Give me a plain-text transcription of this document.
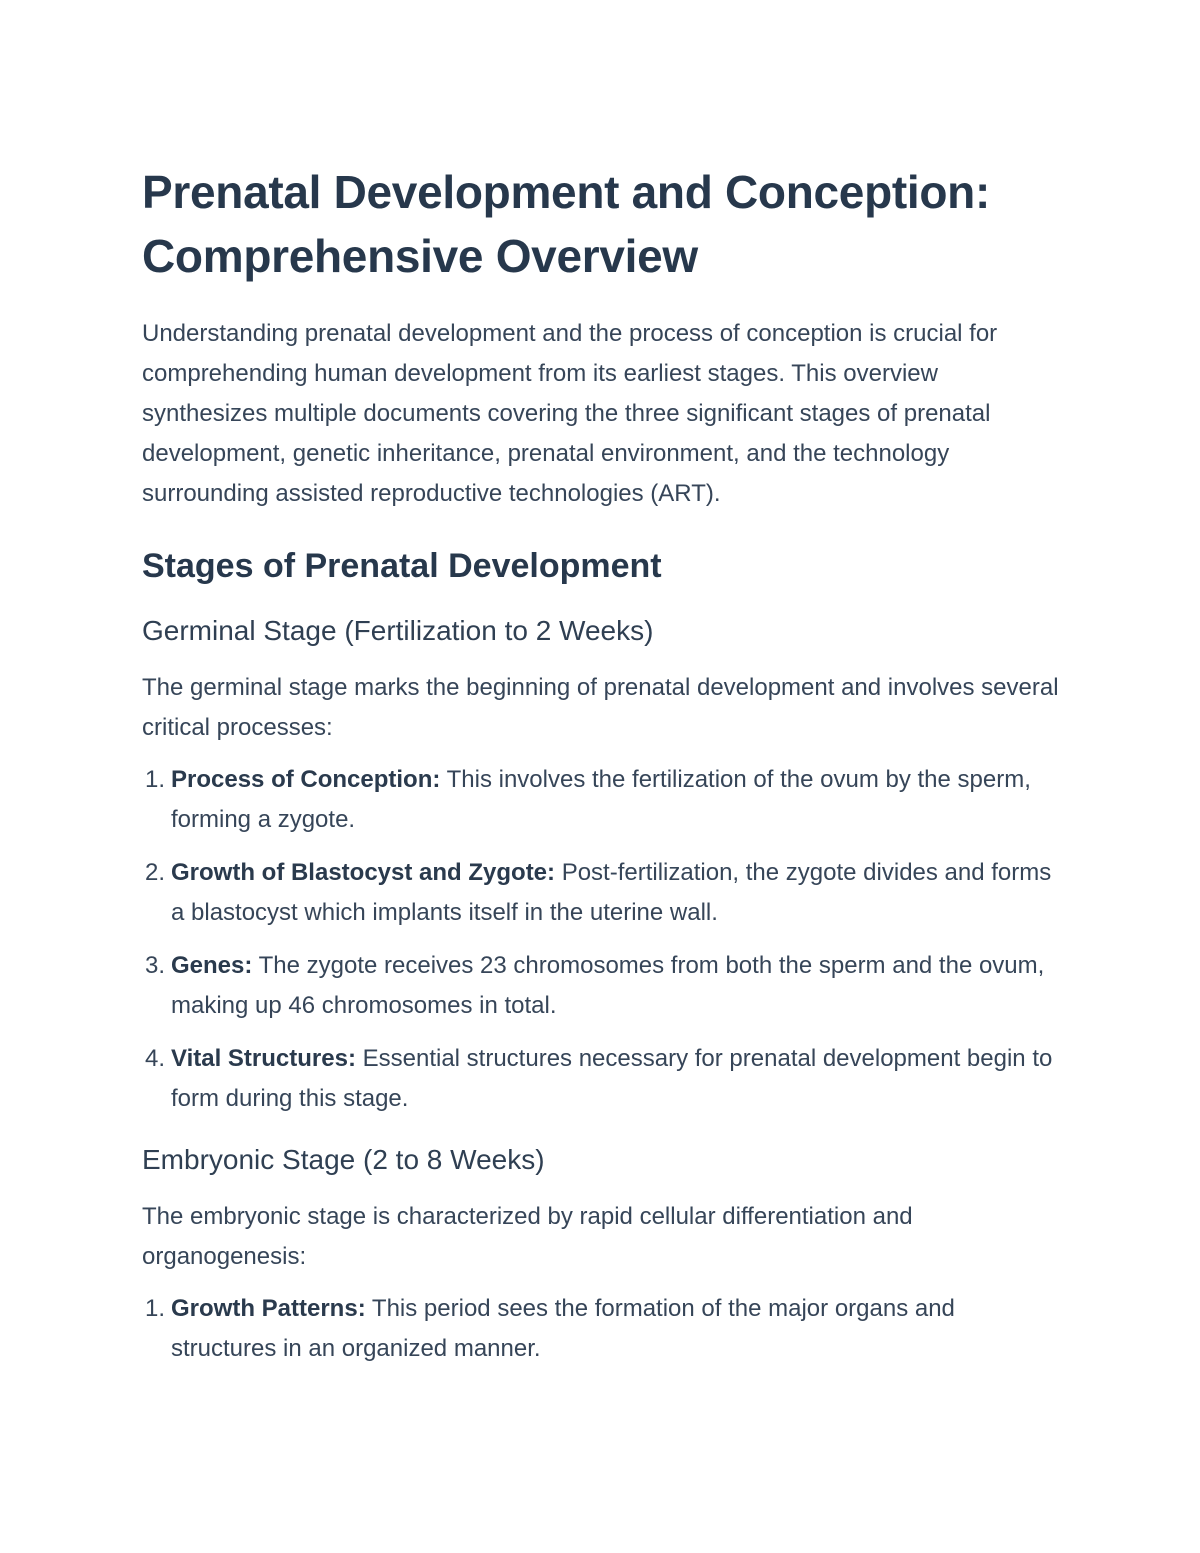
Prenatal Development and Conception: Comprehensive Overview

Understanding prenatal development and the process of conception is crucial for comprehending human development from its earliest stages. This overview synthesizes multiple documents covering the three significant stages of prenatal development, genetic inheritance, prenatal environment, and the technology surrounding assisted reproductive technologies (ART).

Stages of Prenatal Development
Germinal Stage (Fertilization to 2 Weeks)

The germinal stage marks the beginning of prenatal development and involves several critical processes:

1. Process of Conception: This involves the fertilization of the ovum by the sperm, forming a zygote.
2. Growth of Blastocyst and Zygote: Post-fertilization, the zygote divides and forms a blastocyst which implants itself in the uterine wall.
3. Genes: The zygote receives 23 chromosomes from both the sperm and the ovum, making up 46 chromosomes in total.
4. Vital Structures: Essential structures necessary for prenatal development begin to form during this stage.
Embryonic Stage (2 to 8 Weeks)

The embryonic stage is characterized by rapid cellular differentiation and organogenesis:

1. Growth Patterns: This period sees the formation of the major organs and structures in an organized manner.
